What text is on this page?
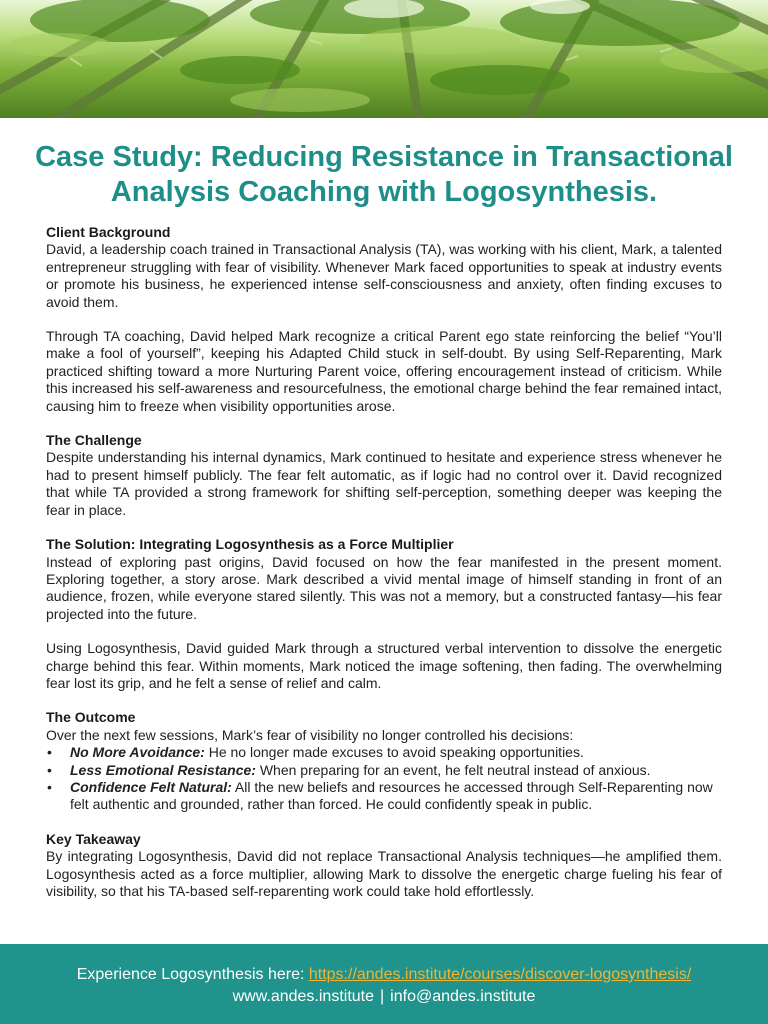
Case Study: Reducing Resistance in Transactional Analysis Coaching with Logosynthesis.
Client Background

David, a leadership coach trained in Transactional Analysis (TA), was working with his client, Mark, a talented entrepreneur struggling with fear of visibility. Whenever Mark faced opportunities to speak at industry events or promote his business, he experienced intense self-consciousness and anxiety, often finding excuses to avoid them.

Through TA coaching, David helped Mark recognize a critical Parent ego state reinforcing the belief “You’ll make a fool of yourself”, keeping his Adapted Child stuck in self-doubt. By using Self-Reparenting, Mark practiced shifting toward a more Nurturing Parent voice, offering encouragement instead of criticism. While this increased his self-awareness and resourcefulness, the emotional charge behind the fear remained intact, causing him to freeze when visibility opportunities arose.

The Challenge

Despite understanding his internal dynamics, Mark continued to hesitate and experience stress whenever he had to present himself publicly. The fear felt automatic, as if logic had no control over it. David recognized that while TA provided a strong framework for shifting self-perception, something deeper was keeping the fear in place.

The Solution: Integrating Logosynthesis as a Force Multiplier

Instead of exploring past origins, David focused on how the fear manifested in the present moment. Exploring together, a story arose. Mark described a vivid mental image of himself standing in front of an audience, frozen, while everyone stared silently. This was not a memory, but a constructed fantasy—his fear projected into the future.

Using Logosynthesis, David guided Mark through a structured verbal intervention to dissolve the energetic charge behind this fear. Within moments, Mark noticed the image softening, then fading. The overwhelming fear lost its grip, and he felt a sense of relief and calm.

The Outcome
Over the next few sessions, Mark’s fear of visibility no longer controlled his decisions:
• No More Avoidance: He no longer made excuses to avoid speaking opportunities.
• Less Emotional Resistance: When preparing for an event, he felt neutral instead of anxious.
• Confidence Felt Natural: All the new beliefs and resources he accessed through Self-Reparenting now felt authentic and grounded, rather than forced. He could confidently speak in public.
Key Takeaway

By integrating Logosynthesis, David did not replace Transactional Analysis techniques—he amplified them. Logosynthesis acted as a force multiplier, allowing Mark to dissolve the energetic charge fueling his fear of visibility, so that his TA-based self-reparenting work could take hold effortlessly.

Experience Logosynthesis here: https://andes.institute/courses/discover-logosynthesis/
www.andes.institute | info@andes.institute
